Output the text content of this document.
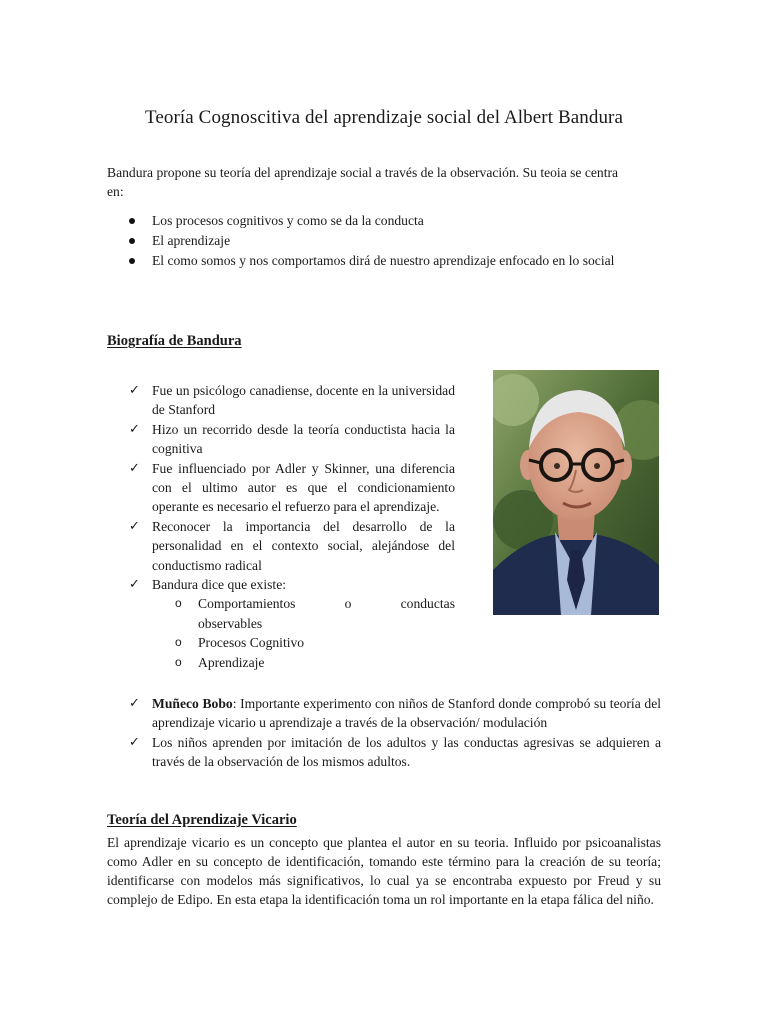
Teoría Cognoscitiva del aprendizaje social del Albert Bandura
Bandura propone su teoría del aprendizaje social a través de la observación. Su teoia se centra en:
Los procesos cognitivos y como se da la conducta
El aprendizaje
El como somos y nos comportamos dirá de nuestro aprendizaje enfocado en lo social
Biografía de Bandura
✓ Fue un psicólogo canadiense, docente en la universidad de Stanford
✓ Hizo un recorrido desde la teoría conductista hacia la cognitiva
✓ Fue influenciado por Adler y Skinner, una diferencia con el ultimo autor es que el condicionamiento operante es necesario el refuerzo para el aprendizaje.
✓ Reconocer la importancia del desarrollo de la personalidad en el contexto social, alejándose del conductismo radical
✓ Bandura dice que existe:
o Comportamientos	o	conductas
observables
o Procesos Cognitivo
o Aprendizaje
✓ Muñeco Bobo: Importante experimento con niños de Stanford donde comprobó su teoría del aprendizaje vicario u aprendizaje a través de la observación/ modulación
✓ Los niños aprenden por imitación de los adultos y las conductas agresivas se adquieren a través de la observación de los mismos adultos.
Teoría del Aprendizaje Vicario
El aprendizaje vicario es un concepto que plantea el autor en su teoria. Influido por psicoanalistas como Adler en su concepto de identificación, tomando este término para la creación de su teoría; identificarse con modelos más significativos, lo cual ya se encontraba expuesto por Freud y su complejo de Edipo. En esta etapa la identificación toma un rol importante en la etapa fálica del niño.
